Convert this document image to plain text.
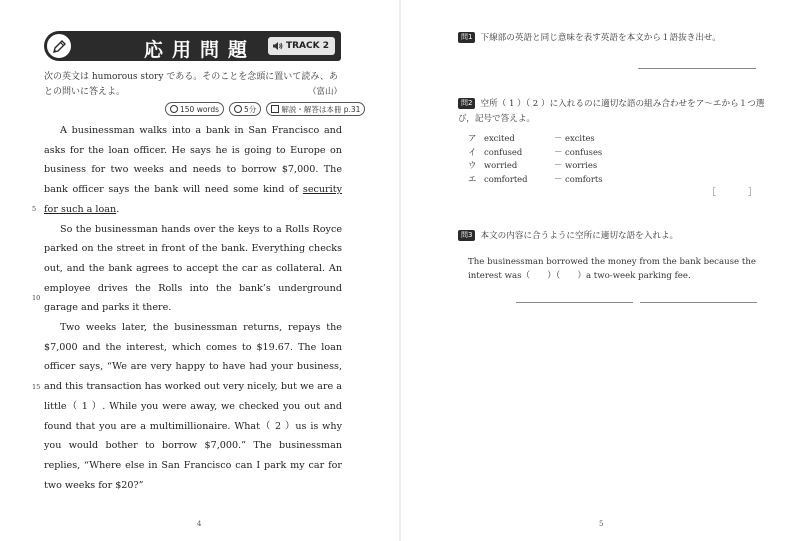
応用問題	TRACK 2
次の英文は humorous story である。そのことを念頭に置いて読み、あとの問いに答えよ。	（富山）
150 words	5分	解説・解答は本冊 p.31

A businessman walks into a bank in San Francisco and asks for the loan officer. He says he is going to Europe on business for two weeks and needs to borrow $7,000. The bank officer says the bank will need some kind of security for such a loan.

So the businessman hands over the keys to a Rolls Royce parked on the street in front of the bank. Everything checks out, and the bank agrees to accept the car as collateral. An employee drives the Rolls into the bank’s underground garage and parks it there.

Two weeks later, the businessman returns, repays the $7,000 and the interest, which comes to $19.67. The loan officer says, “We are very happy to have had your business, and this transaction has worked out very nicely, but we are a little（ 1 ）. While you were away, we checked you out and found that you are a multimillionaire. What（ 2 ）us is why you would bother to borrow $7,000.” The businessman replies, “Where else in San Francisco can I park my car for two weeks for $20?”

5
10
15
4
問1 下線部の英語と同じ意味を表す英語を本文から１語抜き出せ。
問2 空所（ 1 ）（ 2 ）に入れるのに適切な語の組み合わせをア〜エから１つ選び，記号で答えよ。
ア excited	－ excites
イ confused	－ confuses
ウ worried	－ worries
エ comforted	－ comforts
［	］
問3 本文の内容に合うように空所に適切な語を入れよ。
The businessman borrowed the money from the bank because the interest was（　　）（　　）a two-week parking fee.
5
